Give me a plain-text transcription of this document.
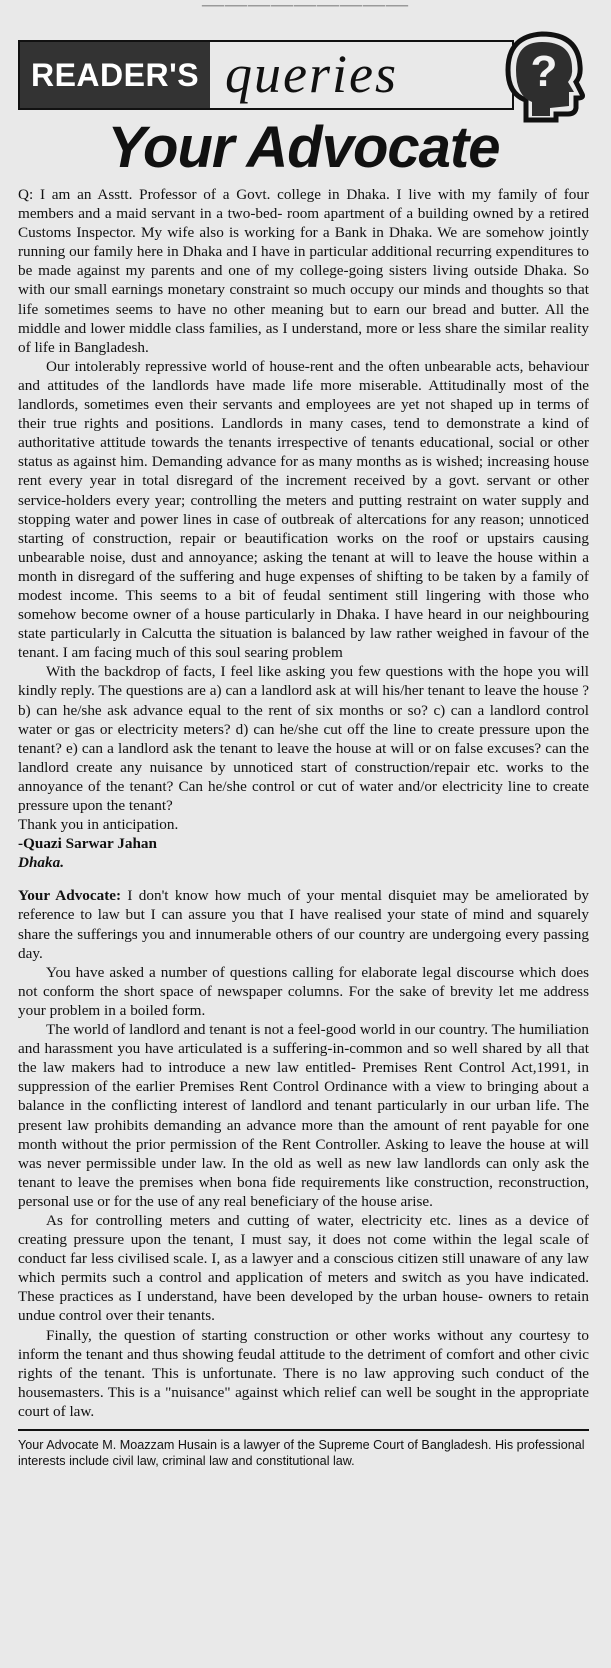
—————————
READER'S queries	?
Your Advocate

Q: I am an Asstt. Professor of a Govt. college in Dhaka. I live with my family of four members and a maid servant in a two-bed- room apartment of a building owned by a retired Customs Inspector. My wife also is working for a Bank in Dhaka. We are somehow jointly running our family here in Dhaka and I have in particular additional recurring expenditures to be made against my parents and one of my college-going sisters living outside Dhaka. So with our small earnings monetary constraint so much occupy our minds and thoughts so that life sometimes seems to have no other meaning but to earn our bread and butter. All the middle and lower middle class families, as I understand, more or less share the similar reality of life in Bangladesh.

Our intolerably repressive world of house-rent and the often unbearable acts, behaviour and attitudes of the landlords have made life more miserable. Attitudinally most of the landlords, sometimes even their servants and employees are yet not shaped up in terms of their true rights and positions. Landlords in many cases, tend to demonstrate a kind of authoritative attitude towards the tenants irrespective of tenants educational, social or other status as against him. Demanding advance for as many months as is wished; increasing house rent every year in total disregard of the increment received by a govt. servant or other service-holders every year; controlling the meters and putting restraint on water supply and stopping water and power lines in case of outbreak of altercations for any reason; unnoticed starting of construction, repair or beautification works on the roof or upstairs causing unbearable noise, dust and annoyance; asking the tenant at will to leave the house within a month in disregard of the suffering and huge expenses of shifting to be taken by a family of modest income. This seems to a bit of feudal sentiment still lingering with those who somehow become owner of a house particularly in Dhaka. I have heard in our neighbouring state particularly in Calcutta the situation is balanced by law rather weighed in favour of the tenant. I am facing much of this soul searing problem

With the backdrop of facts, I feel like asking you few questions with the hope you will kindly reply. The questions are a) can a landlord ask at will his/her tenant to leave the house ? b) can he/she ask advance equal to the rent of six months or so? c) can a landlord control water or gas or electricity meters? d) can he/she cut off the line to create pressure upon the tenant? e) can a landlord ask the tenant to leave the house at will or on false excuses? can the landlord create any nuisance by unnoticed start of construction/repair etc. works to the annoyance of the tenant? Can he/she control or cut of water and/or electricity line to create pressure upon the tenant?

Thank you in anticipation.

-Quazi Sarwar Jahan

Dhaka.

Your Advocate: I don't know how much of your mental disquiet may be ameliorated by reference to law but I can assure you that I have realised your state of mind and squarely share the sufferings you and innumerable others of our country are undergoing every passing day.

You have asked a number of questions calling for elaborate legal discourse which does not conform the short space of newspaper columns. For the sake of brevity let me address your problem in a boiled form.

The world of landlord and tenant is not a feel-good world in our country. The humiliation and harassment you have articulated is a suffering-in-common and so well shared by all that the law makers had to introduce a new law entitled- Premises Rent Control Act,1991, in suppression of the earlier Premises Rent Control Ordinance with a view to bringing about a balance in the conflicting interest of landlord and tenant particularly in our urban life. The present law prohibits demanding an advance more than the amount of rent payable for one month without the prior permission of the Rent Controller. Asking to leave the house at will was never permissible under law. In the old as well as new law landlords can only ask the tenant to leave the premises when bona fide requirements like construction, reconstruction, personal use or for the use of any real beneficiary of the house arise.

As for controlling meters and cutting of water, electricity etc. lines as a device of creating pressure upon the tenant, I must say, it does not come within the legal scale of conduct far less civilised scale. I, as a lawyer and a conscious citizen still unaware of any law which permits such a control and application of meters and switch as you have indicated. These practices as I understand, have been developed by the urban house- owners to retain undue control over their tenants.

Finally, the question of starting construction or other works without any courtesy to inform the tenant and thus showing feudal attitude to the detriment of comfort and other civic rights of the tenant. This is unfortunate. There is no law approving such conduct of the housemasters. This is a "nuisance" against which relief can well be sought in the appropriate court of law.

Your Advocate M. Moazzam Husain is a lawyer of the Supreme Court of Bangladesh. His professional interests include civil law, criminal law and constitutional law.
